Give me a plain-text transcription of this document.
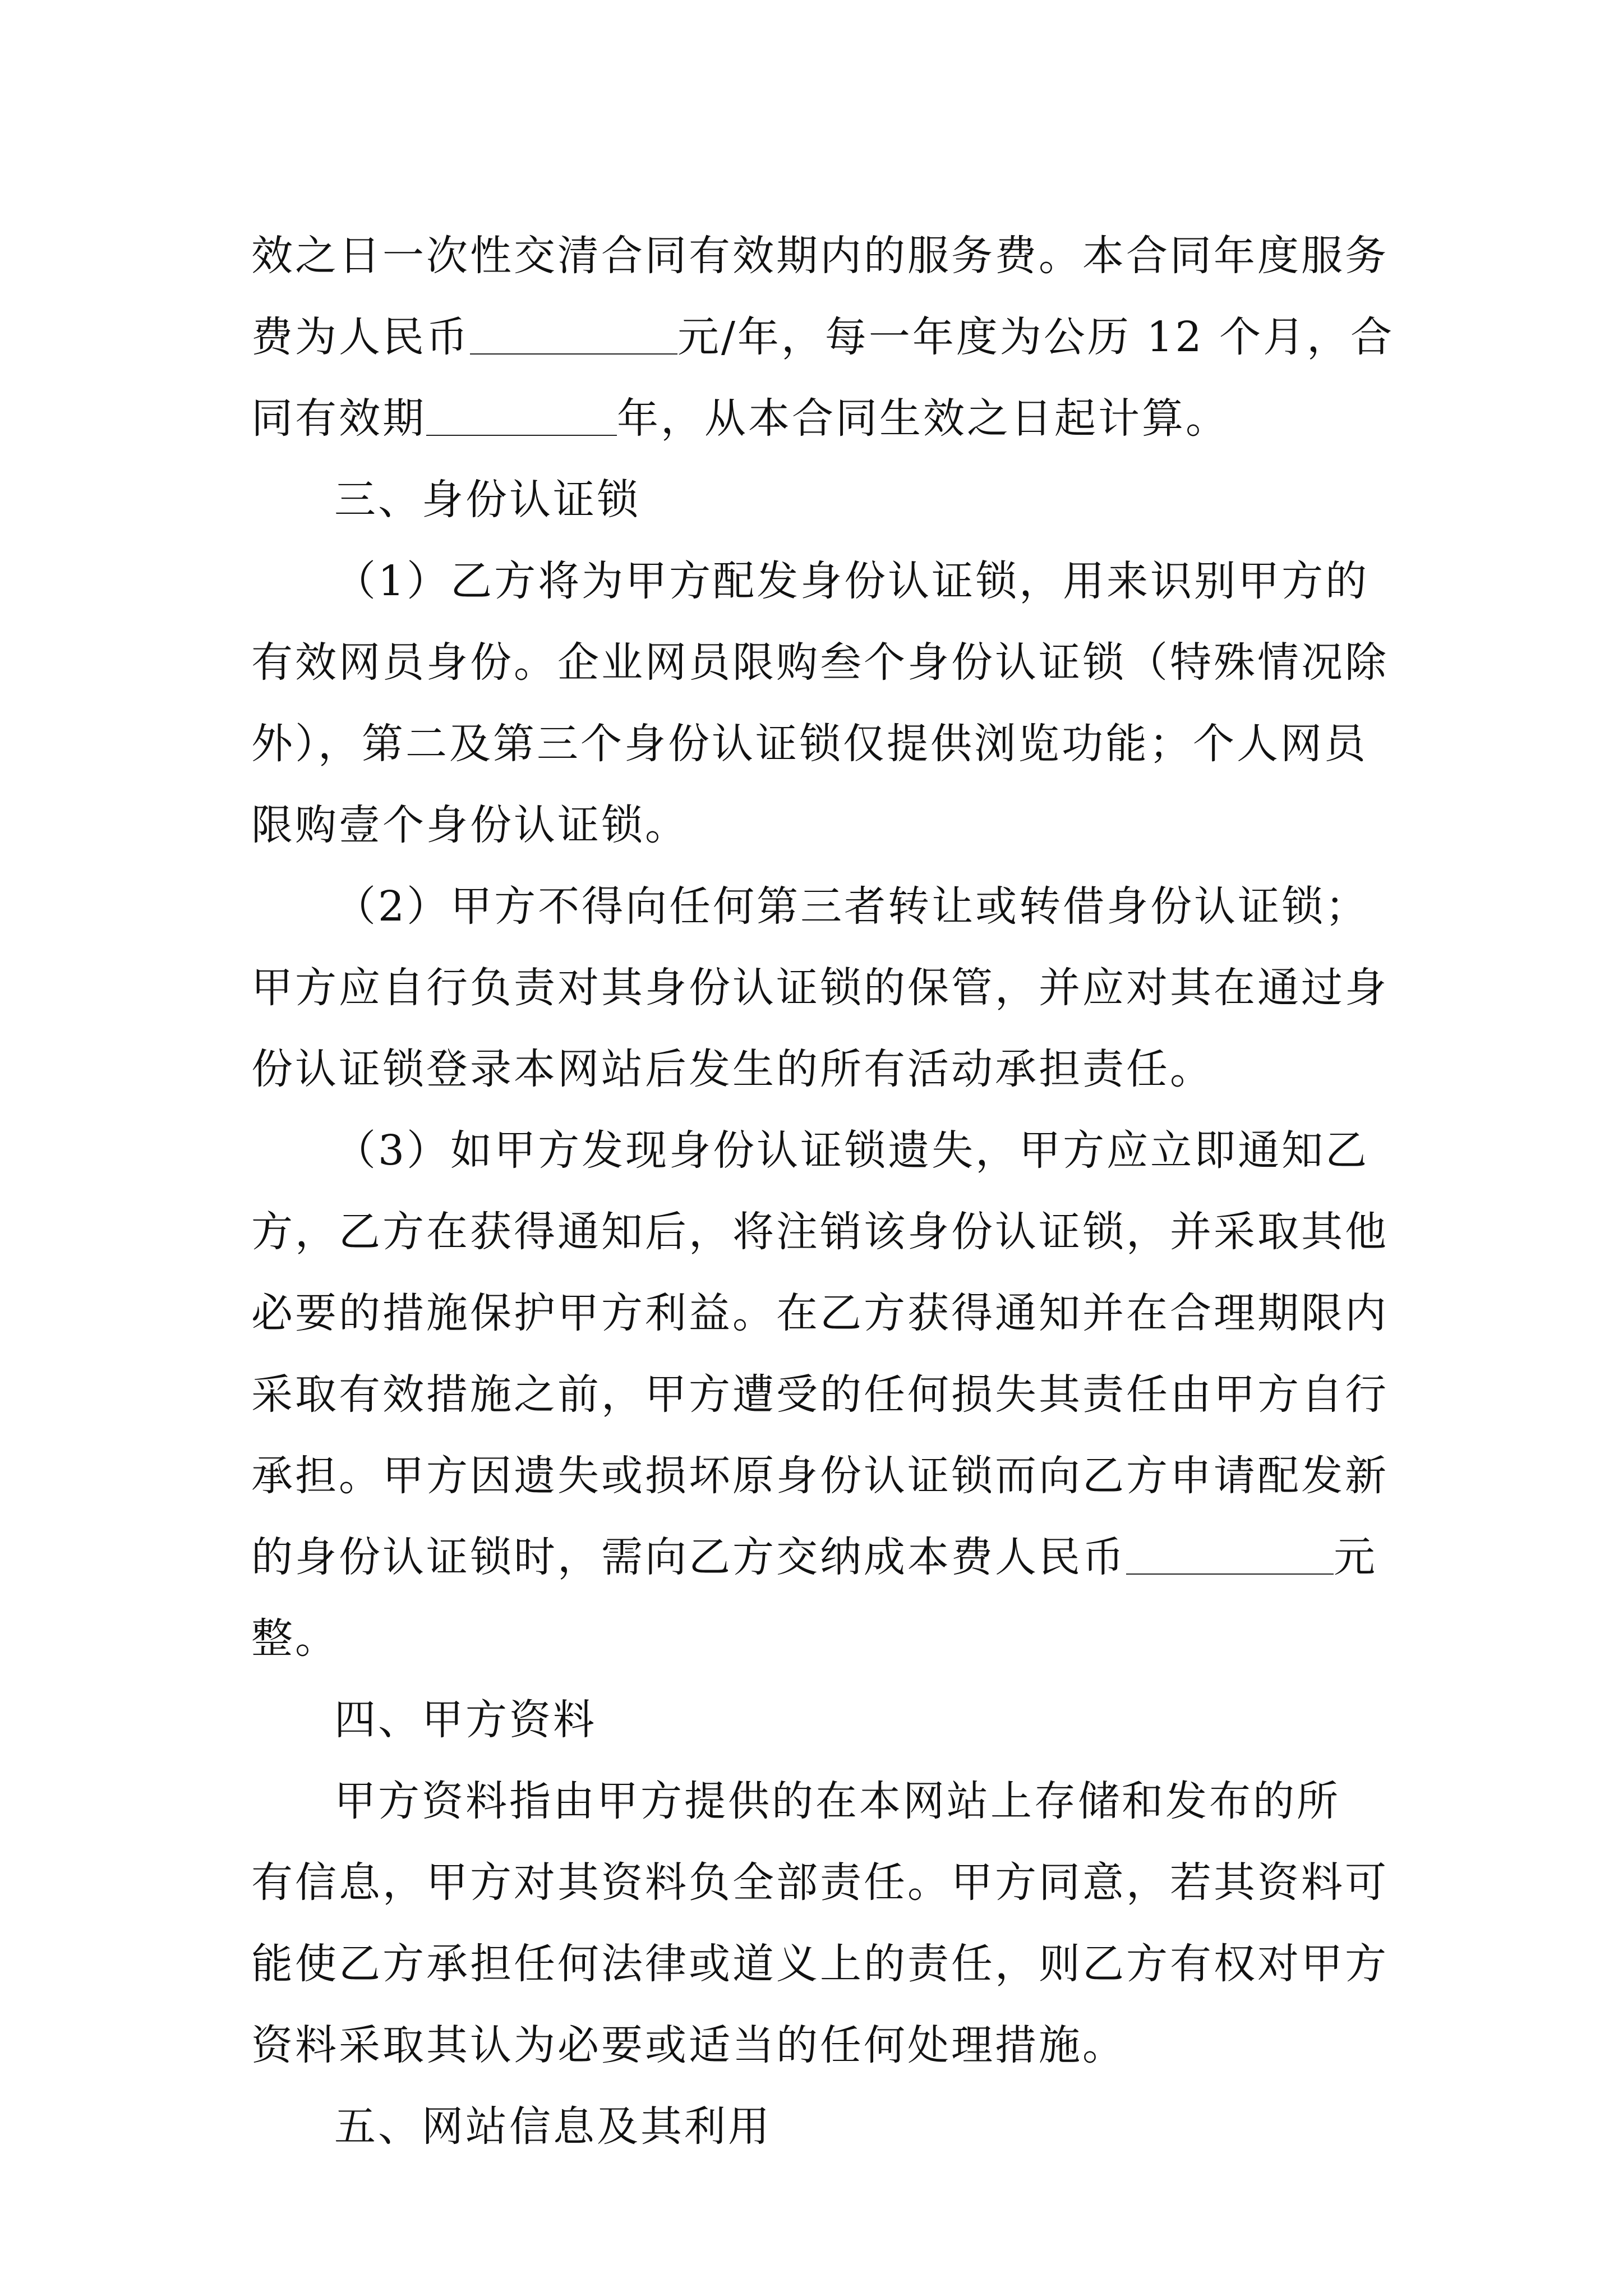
效之日一次性交清合同有效期内的服务费。本合同年度服务
费为人民币	元/年，每一年度为公历 12 个月，合
同有效期	年，从本合同生效之日起计算。
三、身份认证锁
（1）乙方将为甲方配发身份认证锁，用来识别甲方的
有效网员身份。企业网员限购叁个身份认证锁（特殊情况除
外），第二及第三个身份认证锁仅提供浏览功能；个人网员
限购壹个身份认证锁。
（2）甲方不得向任何第三者转让或转借身份认证锁；
甲方应自行负责对其身份认证锁的保管，并应对其在通过身
份认证锁登录本网站后发生的所有活动承担责任。
（3）如甲方发现身份认证锁遗失，甲方应立即通知乙
方，乙方在获得通知后，将注销该身份认证锁，并采取其他
必要的措施保护甲方利益。在乙方获得通知并在合理期限内
采取有效措施之前，甲方遭受的任何损失其责任由甲方自行
承担。甲方因遗失或损坏原身份认证锁而向乙方申请配发新
的身份认证锁时，需向乙方交纳成本费人民币	元
整。
四、甲方资料
甲方资料指由甲方提供的在本网站上存储和发布的所
有信息，甲方对其资料负全部责任。甲方同意，若其资料可
能使乙方承担任何法律或道义上的责任，则乙方有权对甲方
资料采取其认为必要或适当的任何处理措施。
五、网站信息及其利用
